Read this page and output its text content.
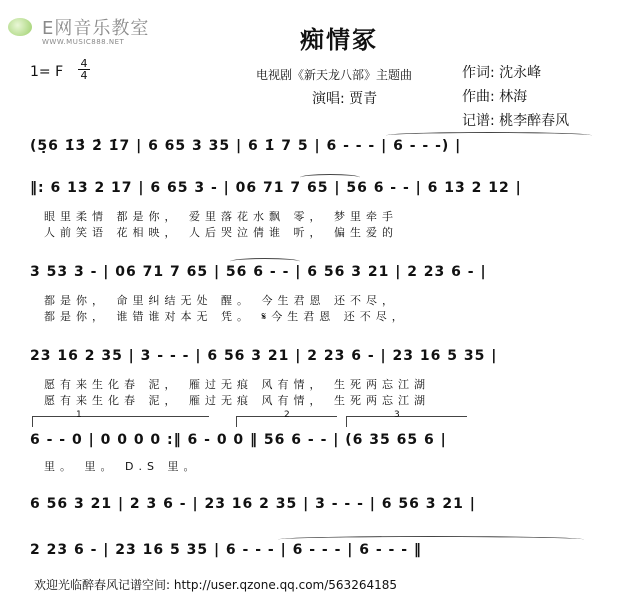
E网音乐教室
WWW.MUSIC888.NET	痴情冢
1= F
4
4	电视剧《新天龙八部》主题曲
演唱: 贾青
作词: 沈永峰
作曲: 林海
记谱: 桃李醉春风
(5̣6 1̇3̇ 2̇ 1̇7 | 6 65 3 35 | 6 1̇ 7 5 | 6 - - - | 6 - - -) |
‖: 6 13 2 17 | 6 65 3 - | 06 71 7 65 | 56 6 - - | 6 13 2 12 |
眼里柔情 都是你， 爱里落花水飘 零， 梦里牵手
人前笑语 花相映， 人后哭泣倩谁 听， 偏生爱的
3 53 3 - | 06 71 7 65 | 56 6 - - | 6 56 3 21 | 2 23 6 - |
都是你， 命里纠结无处 醒。 今生君恩 还不尽，
都是你， 谁错谁对本无 凭。 𝄋今生君恩 还不尽，
23 16 2 35 | 3 - - - | 6 56 3 21 | 2 23 6 - | 23 16 5 35 |
愿有来生化春 泥， 雁过无痕 风有情， 生死两忘江湖
愿有来生化春 泥， 雁过无痕 风有情， 生死两忘江湖
1	2	3
6 - - 0 | 0 0 0 0 :‖ 6 - 0 0 ‖ 56 6 - - | (6 35 65 6 |
里。 里。 D.S 里。
6 56 3 21 | 2 3 6 - | 23 16 2 35 | 3 - - - | 6 56 3 21 |
2 23 6 - | 23 16 5 35 | 6 - - - | 6 - - - | 6 - - - ‖
欢迎光临醉春风记谱空间: http://user.qzone.qq.com/563264185
